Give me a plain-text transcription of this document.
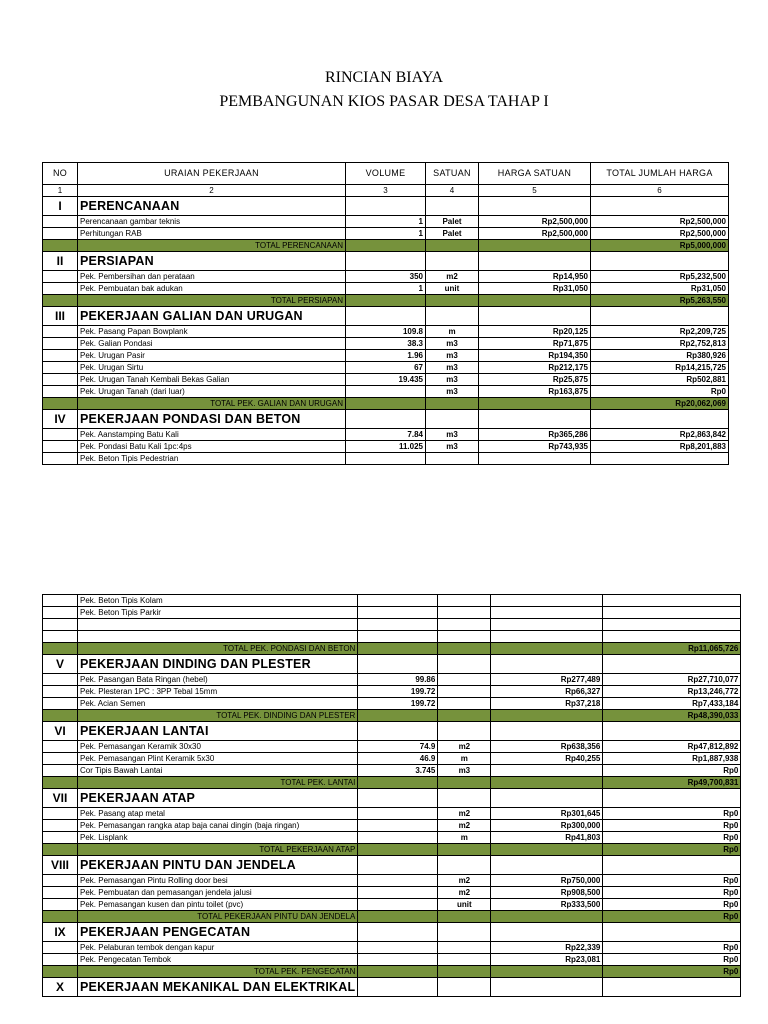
RINCIAN BIAYA
PEMBANGUNAN KIOS PASAR DESA TAHAP I
NO	URAIAN PEKERJAAN	VOLUME	SATUAN	HARGA SATUAN	TOTAL JUMLAH HARGA
1	2	3	4	5	6
I	PERENCANAAN				
	Perencanaan gambar teknis	1	Palet	Rp2,500,000	Rp2,500,000
	Perhitungan RAB	1	Palet	Rp2,500,000	Rp2,500,000
	TOTAL PERENCANAAN				Rp5,000,000
II	PERSIAPAN				
	Pek. Pembersihan dan perataan	350	m2	Rp14,950	Rp5,232,500
	Pek. Pembuatan bak adukan	1	unit	Rp31,050	Rp31,050
	TOTAL PERSIAPAN				Rp5,263,550
III	PEKERJAAN GALIAN DAN URUGAN				
	Pek. Pasang Papan Bowplank	109.8	m	Rp20,125	Rp2,209,725
	Pek. Galian Pondasi	38.3	m3	Rp71,875	Rp2,752,813
	Pek. Urugan Pasir	1.96	m3	Rp194,350	Rp380,926
	Pek. Urugan Sirtu	67	m3	Rp212,175	Rp14,215,725
	Pek. Urugan Tanah Kembali Bekas Galian	19.435	m3	Rp25,875	Rp502,881
	Pek. Urugan Tanah (dari luar)		m3	Rp163,875	Rp0
	TOTAL PEK. GALIAN DAN URUGAN				Rp20,062,069
IV	PEKERJAAN PONDASI DAN BETON				
	Pek. Aanstamping Batu Kali	7.84	m3	Rp365,286	Rp2,863,842
	Pek. Pondasi Batu Kali 1pc:4ps	11.025	m3	Rp743,935	Rp8,201,883
	Pek. Beton Tipis Pedestrian				
	Pek. Beton Tipis Kolam				
	Pek. Beton Tipis Parkir				

	TOTAL PEK. PONDASI DAN BETON				Rp11,065,726
V	PEKERJAAN DINDING DAN PLESTER				
	Pek. Pasangan Bata Ringan (hebel)	99.86		Rp277,489	Rp27,710,077
	Pek. Plesteran 1PC : 3PP Tebal 15mm	199.72		Rp66,327	Rp13,246,772
	Pek. Acian Semen	199.72		Rp37,218	Rp7,433,184
	TOTAL PEK. DINDING DAN PLESTER				Rp48,390,033
VI	PEKERJAAN LANTAI				
	Pek. Pemasangan Keramik 30x30	74.9	m2	Rp638,356	Rp47,812,892
	Pek. Pemasangan Plint Keramik 5x30	46.9	m	Rp40,255	Rp1,887,938
	Cor Tipis Bawah Lantai	3.745	m3		Rp0
	TOTAL PEK. LANTAI				Rp49,700,831
VII	PEKERJAAN ATAP				
	Pek. Pasang atap metal		m2	Rp301,645	Rp0
	Pek. Pemasangan rangka atap baja canai dingin (baja ringan)		m2	Rp300,000	Rp0
	Pek. Lisplank		m	Rp41,803	Rp0
	TOTAL PEKERJAAN ATAP				Rp0
VIII	PEKERJAAN PINTU DAN JENDELA				
	Pek. Pemasangan Pintu Rolling door besi		m2	Rp750,000	Rp0
	Pek. Pembuatan dan pemasangan jendela jalusi		m2	Rp908,500	Rp0
	Pek. Pemasangan kusen dan pintu toilet (pvc)		unit	Rp333,500	Rp0
	TOTAL PEKERJAAN PINTU DAN JENDELA				Rp0
IX	PEKERJAAN PENGECATAN				
	Pek. Pelaburan tembok dengan kapur			Rp22,339	Rp0
	Pek. Pengecatan Tembok			Rp23,081	Rp0
	TOTAL PEK. PENGECATAN				Rp0
X	PEKERJAAN MEKANIKAL DAN ELEKTRIKAL				
